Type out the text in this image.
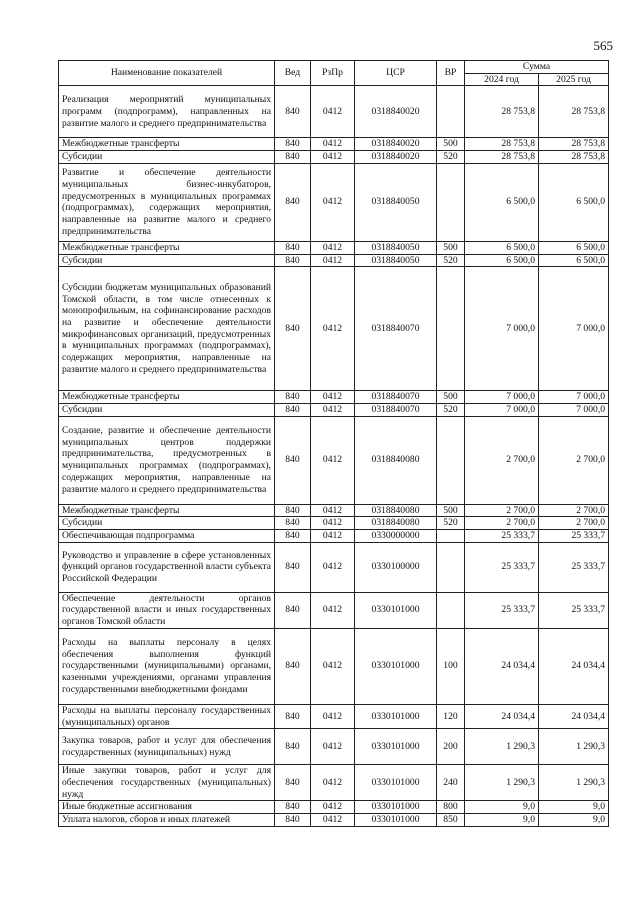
565
Наименование показателей	Вед	РзПр	ЦСР	ВР	Сумма	
					2024 год	2025 год
Реализация мероприятий муниципальных программ (подпрограмм), направленных на развитие малого и среднего предпринимательства	840	0412	0318840020		28 753,8	28 753,8
Межбюджетные трансферты	840	0412	0318840020	500	28 753,8	28 753,8
Субсидии	840	0412	0318840020	520	28 753,8	28 753,8
Развитие и обеспечение деятельности муниципальных бизнес-инкубаторов, предусмотренных в муниципальных программах (подпрограммах), содержащих мероприятия, направленные на развитие малого и среднего предпринимательства	840	0412	0318840050		6 500,0	6 500,0
Межбюджетные трансферты	840	0412	0318840050	500	6 500,0	6 500,0
Субсидии	840	0412	0318840050	520	6 500,0	6 500,0
Субсидии бюджетам муниципальных образований Томской области, в том числе отнесенных к монопрофильным, на софинансирование расходов на развитие и обеспечение деятельности микрофинансовых организаций, предусмотренных в муниципальных программах (подпрограммах), содержащих мероприятия, направленные на развитие малого и среднего предпринимательства	840	0412	0318840070		7 000,0	7 000,0
Межбюджетные трансферты	840	0412	0318840070	500	7 000,0	7 000,0
Субсидии	840	0412	0318840070	520	7 000,0	7 000,0
Создание, развитие и обеспечение деятельности муниципальных центров поддержки предпринимательства, предусмотренных в муниципальных программах (подпрограммах), содержащих мероприятия, направленные на развитие малого и среднего предпринимательства	840	0412	0318840080		2 700,0	2 700,0
Межбюджетные трансферты	840	0412	0318840080	500	2 700,0	2 700,0
Субсидии	840	0412	0318840080	520	2 700,0	2 700,0
Обеспечивающая подпрограмма	840	0412	0330000000		25 333,7	25 333,7
Руководство и управление в сфере установленных функций органов государственной власти субъекта Российской Федерации	840	0412	0330100000		25 333,7	25 333,7
Обеспечение деятельности органов государственной власти и иных государственных органов Томской области	840	0412	0330101000		25 333,7	25 333,7
Расходы на выплаты персоналу в целях обеспечения выполнения функций государственными (муниципальными) органами, казенными учреждениями, органами управления государственными внебюджетными фондами	840	0412	0330101000	100	24 034,4	24 034,4
Расходы на выплаты персоналу государственных (муниципальных) органов	840	0412	0330101000	120	24 034,4	24 034,4
Закупка товаров, работ и услуг для обеспечения государственных (муниципальных) нужд	840	0412	0330101000	200	1 290,3	1 290,3
Иные закупки товаров, работ и услуг для обеспечения государственных (муниципальных) нужд	840	0412	0330101000	240	1 290,3	1 290,3
Иные бюджетные ассигнования	840	0412	0330101000	800	9,0	9,0
Уплата налогов, сборов и иных платежей	840	0412	0330101000	850	9,0	9,0
